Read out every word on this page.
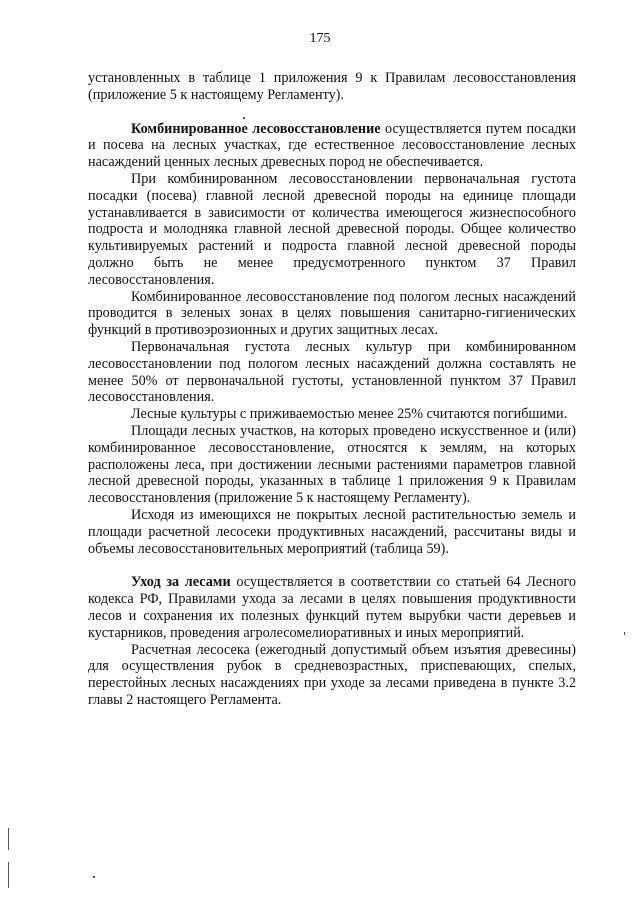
175

установленных в таблице 1 приложения 9 к Правилам лесовосстановления (приложение 5 к настоящему Регламенту).

Комбинированное лесовосстановление осуществляется путем посадки и посева на лесных участках, где естественное лесовосстановление лесных насаждений ценных лесных древесных пород не обеспечивается.

При комбинированном лесовосстановлении первоначальная густота посадки (посева) главной лесной древесной породы на единице площади устанавливается в зависимости от количества имеющегося жизнеспособного подроста и молодняка главной лесной древесной породы. Общее количество культивируемых растений и подроста главной лесной древесной породы должно быть не менее предусмотренного пунктом 37 Правил лесовосстановления.

Комбинированное лесовосстановление под пологом лесных насаждений проводится в зеленых зонах в целях повышения санитарно-гигиенических функций в противоэрозионных и других защитных лесах.

Первоначальная густота лесных культур при комбинированном лесовосстановлении под пологом лесных насаждений должна составлять не менее 50% от первоначальной густоты, установленной пунктом 37 Правил лесовосстановления.

Лесные культуры с приживаемостью менее 25% считаются погибшими.

Площади лесных участков, на которых проведено искусственное и (или) комбинированное лесовосстановление, относятся к землям, на которых расположены леса, при достижении лесными растениями параметров главной лесной древесной породы, указанных в таблице 1 приложения 9 к Правилам лесовосстановления (приложение 5 к настоящему Регламенту).

Исходя из имеющихся не покрытых лесной растительностью земель и площади расчетной лесосеки продуктивных насаждений, рассчитаны виды и объемы лесовосстановительных мероприятий (таблица 59).

Уход за лесами осуществляется в соответствии со статьей 64 Лесного кодекса РФ, Правилами ухода за лесами в целях повышения продуктивности лесов и сохранения их полезных функций путем вырубки части деревьев и кустарников, проведения агролесомелиоративных и иных мероприятий.

Расчетная лесосека (ежегодный допустимый объем изъятия древесины) для осуществления рубок в средневозрастных, приспевающих, спелых, перестойных лесных насаждениях при уходе за лесами приведена в пункте 3.2 главы 2 настоящего Регламента.
